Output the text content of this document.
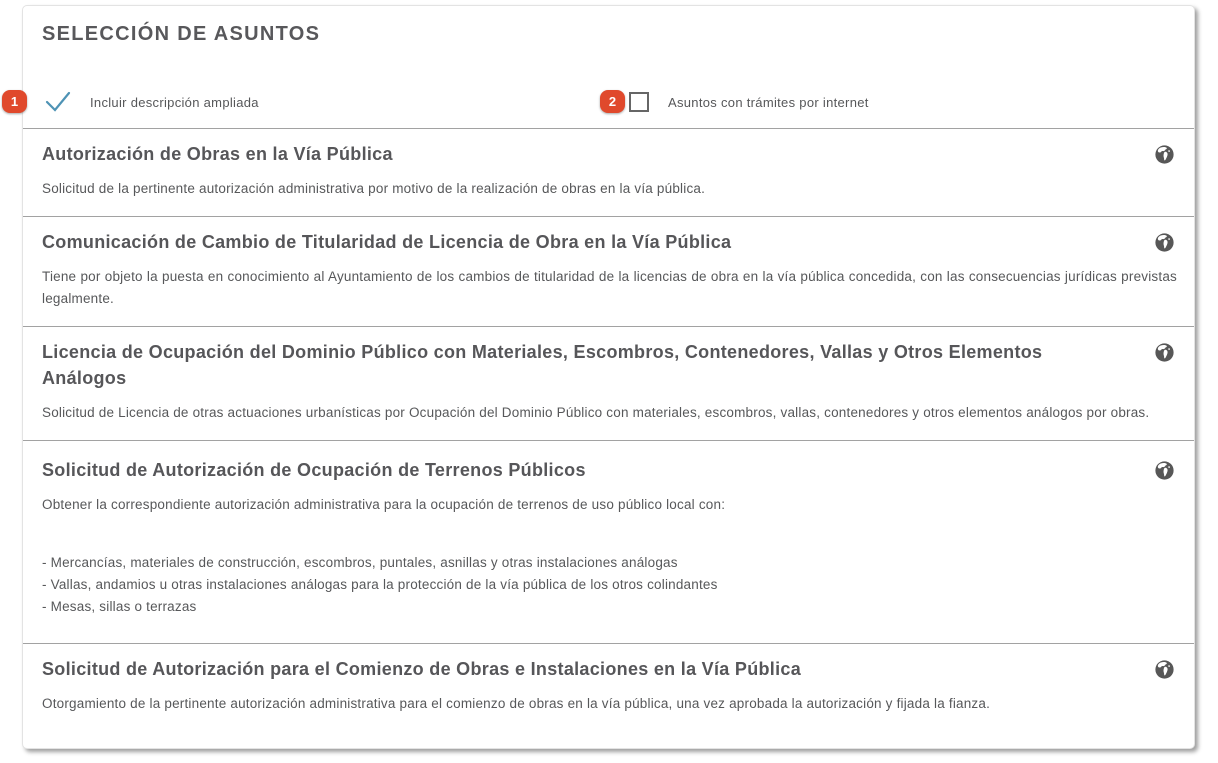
SELECCIÓN DE ASUNTOS
1	2
Incluir descripción ampliada	Asuntos con trámites por internet
Autorización de Obras en la Vía Pública

Solicitud de la pertinente autorización administrativa por motivo de la realización de obras en la vía pública.

Comunicación de Cambio de Titularidad de Licencia de Obra en la Vía Pública

Tiene por objeto la puesta en conocimiento al Ayuntamiento de los cambios de titularidad de la licencias de obra en la vía pública concedida, con las consecuencias jurídicas previstas legalmente.

Licencia de Ocupación del Dominio Público con Materiales, Escombros, Contenedores, Vallas y Otros Elementos Análogos

Solicitud de Licencia de otras actuaciones urbanísticas por Ocupación del Dominio Público con materiales, escombros, vallas, contenedores y otros elementos análogos por obras.

Solicitud de Autorización de Ocupación de Terrenos Públicos

Obtener la correspondiente autorización administrativa para la ocupación de terrenos de uso público local con:

- Mercancías, materiales de construcción, escombros, puntales, asnillas y otras instalaciones análogas
- Vallas, andamios u otras instalaciones análogas para la protección de la vía pública de los otros colindantes
- Mesas, sillas o terrazas
Solicitud de Autorización para el Comienzo de Obras e Instalaciones en la Vía Pública

Otorgamiento de la pertinente autorización administrativa para el comienzo de obras en la vía pública, una vez aprobada la autorización y fijada la fianza.
